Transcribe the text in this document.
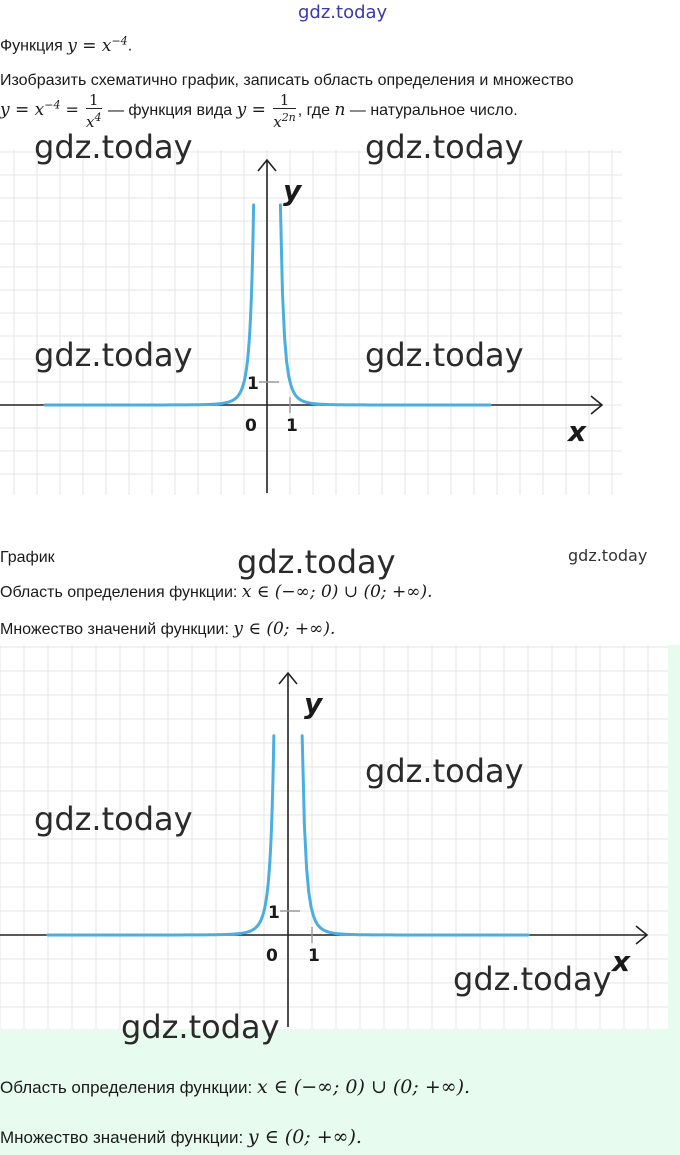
gdz.today
Функция $y = x^{-4}$.
Изобразить схематично график, записать область определения и множество
$y = x^{-4} = \frac{1}{x^4}$ — функция вида $y = \frac{1}{x^{2n}}$ , где n — натуральное число.
0 1
1
x
y
gdz.today	gdz.today
gdz.today	gdz.today
График	gdz.today	gdz.today
Область определения функции: x ∈ (−∞; 0) ∪ (0; +∞).
Множество значений функции: y ∈ (0; +∞).
0 1
1
x
y
gdz.today
gdz.today
gdz.today
gdz.today
Область определения функции: x ∈ (−∞; 0) ∪ (0; +∞).
Множество значений функции: y ∈ (0; +∞).
